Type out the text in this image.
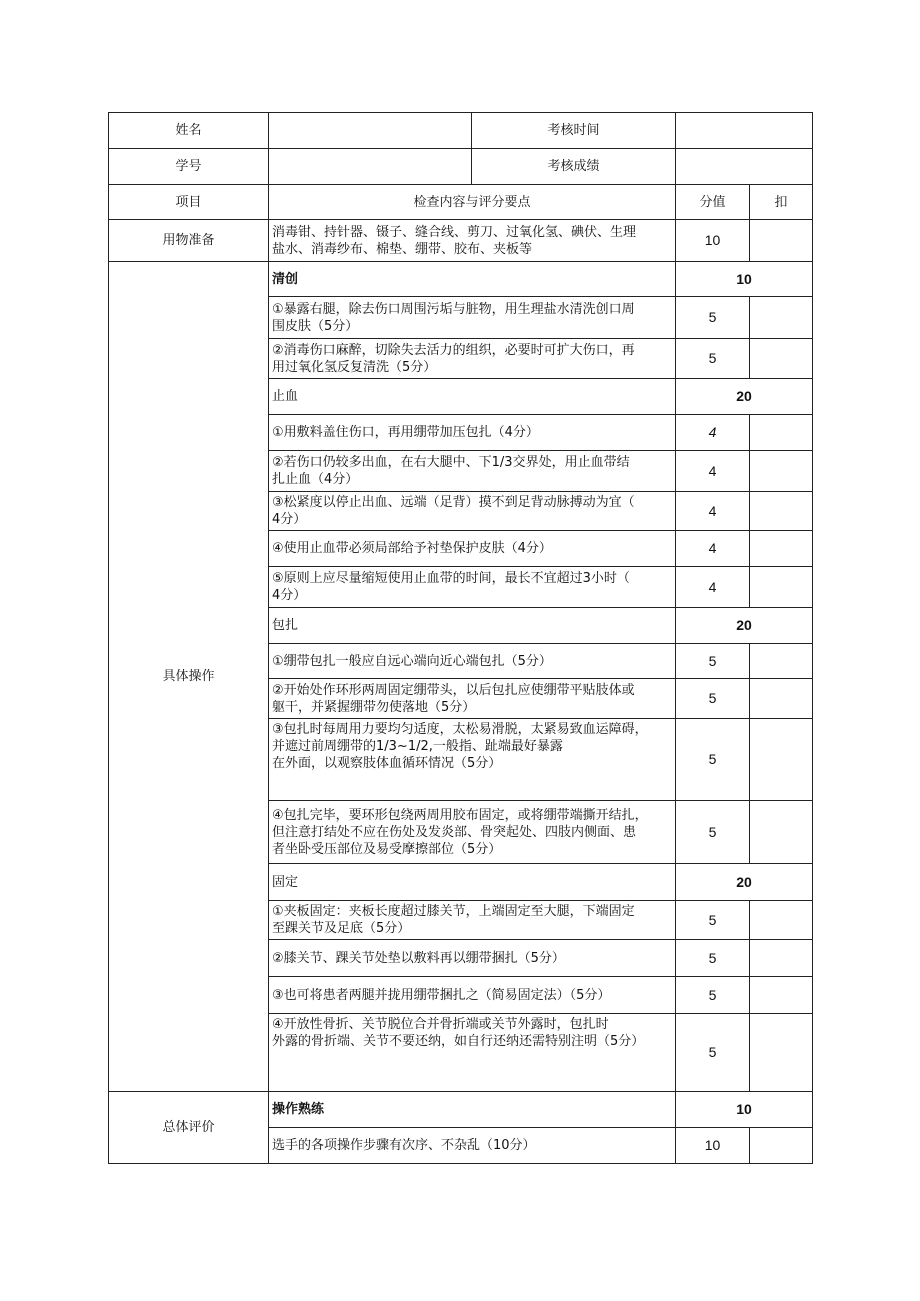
姓名		考核时间		
学号		考核成绩		
项目	检查内容与评分要点		分值	扣
用物准备	消毒钳、持针器、镊子、缝合线、剪刀、过氧化氢、碘伏、生理
盐水、消毒纱布、棉垫、绷带、胶布、夹板等		10	
具体操作	清创		10	
	①暴露右腿，除去伤口周围污垢与脏物，用生理盐水清洗创口周
围皮肤（5分）		5	
	②消毒伤口麻醉，切除失去活力的组织，必要时可扩大伤口，再
用过氧化氢反复清洗（5分）		5	
	止血		20	
	①用敷料盖住伤口，再用绷带加压包扎（4分）		4	
	②若伤口仍较多出血，在右大腿中、下1/3交界处，用止血带结
扎止血（4分）		4	
	③松紧度以停止出血、远端（足背）摸不到足背动脉搏动为宜（
4分）		4	
	④使用止血带必须局部给予衬垫保护皮肤（4分）		4	
	⑤原则上应尽量缩短使用止血带的时间，最长不宜超过3小时（
4分）		4	
	包扎		20	
	①绷带包扎一般应自远心端向近心端包扎（5分）		5	
	②开始处作环形两周固定绷带头，以后包扎应使绷带平贴肢体或
躯干，并紧握绷带勿使落地（5分）		5	
	③包扎时每周用力要均匀适度，太松易滑脱，太紧易致血运障碍，
并遮过前周绷带的1/3~1/2,一般指、趾端最好暴露
在外面，以观察肢体血循环情况（5分）		5	
	④包扎完毕，要环形包绕两周用胶布固定，或将绷带端撕开结扎，
但注意打结处不应在伤处及发炎部、骨突起处、四肢内侧面、患
者坐卧受压部位及易受摩擦部位（5分）		5	
	固定		20	
	①夹板固定：夹板长度超过膝关节，上端固定至大腿，下端固定
至踝关节及足底（5分）		5	
	②膝关节、踝关节处垫以敷料再以绷带捆扎（5分）		5	
	③也可将患者两腿并拢用绷带捆扎之（简易固定法）（5分）		5	
	④开放性骨折、关节脱位合并骨折端或关节外露时，包扎时
外露的骨折端、关节不要还纳，如自行还纳还需特别注明（5分）		5	
总体评价	操作熟练		10	
	选手的各项操作步骤有次序、不杂乱（10分）		10	
